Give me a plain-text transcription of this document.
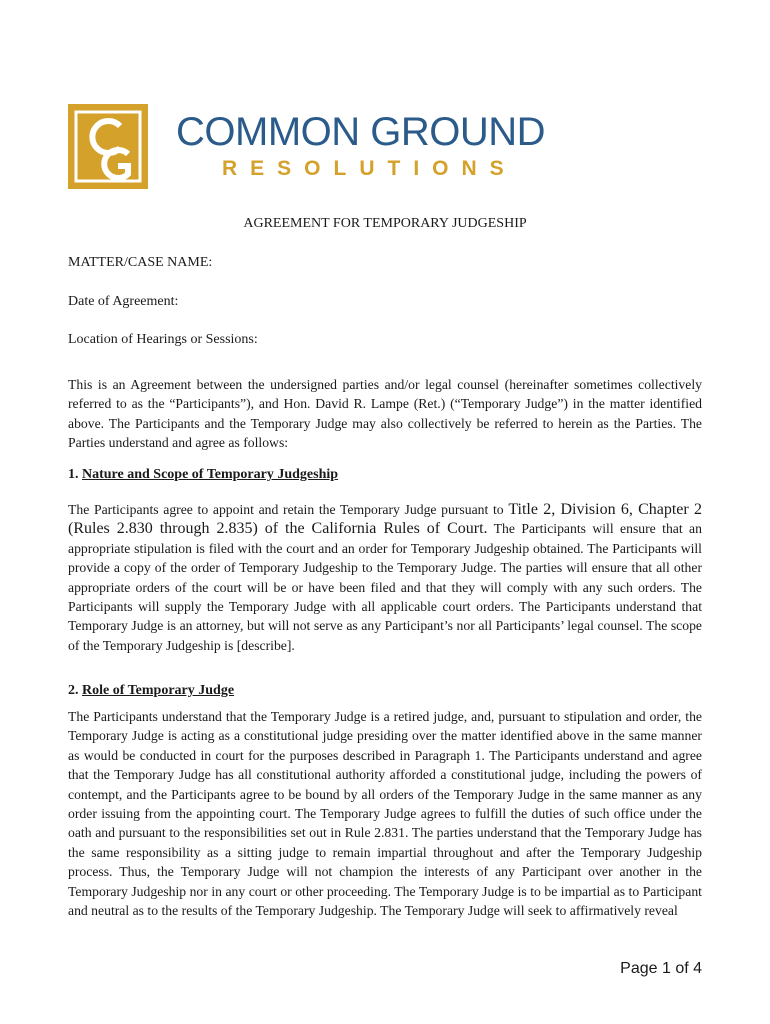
COMMON GROUND
RESOLUTIONS
AGREEMENT FOR TEMPORARY JUDGESHIP
MATTER/CASE NAME:
Date of Agreement:
Location of Hearings or Sessions:

This is an Agreement between the undersigned parties and/or legal counsel (hereinafter sometimes collectively referred to as the “Participants”), and Hon. David R. Lampe (Ret.) (“Temporary Judge”) in the matter identified above. The Participants and the Temporary Judge may also collectively be referred to herein as the Parties. The Parties understand and agree as follows:

1. Nature and Scope of Temporary Judgeship

The Participants agree to appoint and retain the Temporary Judge pursuant to Title 2, Division 6, Chapter 2 (Rules 2.830 through 2.835) of the California Rules of Court. The Participants will ensure that an appropriate stipulation is filed with the court and an order for Temporary Judgeship obtained. The Participants will provide a copy of the order of Temporary Judgeship to the Temporary Judge. The parties will ensure that all other appropriate orders of the court will be or have been filed and that they will comply with any such orders. The Participants will supply the Temporary Judge with all applicable court orders. The Participants understand that Temporary Judge is an attorney, but will not serve as any Participant’s nor all Participants’ legal counsel. The scope of the Temporary Judgeship is [describe].

2. Role of Temporary Judge

The Participants understand that the Temporary Judge is a retired judge, and, pursuant to stipulation and order, the Temporary Judge is acting as a constitutional judge presiding over the matter identified above in the same manner as would be conducted in court for the purposes described in Paragraph 1. The Participants understand and agree that the Temporary Judge has all constitutional authority afforded a constitutional judge, including the powers of contempt, and the Participants agree to be bound by all orders of the Temporary Judge in the same manner as any order issuing from the appointing court. The Temporary Judge agrees to fulfill the duties of such office under the oath and pursuant to the responsibilities set out in Rule 2.831. The parties understand that the Temporary Judge has the same responsibility as a sitting judge to remain impartial throughout and after the Temporary Judgeship process. Thus, the Temporary Judge will not champion the interests of any Participant over another in the Temporary Judgeship nor in any court or other proceeding. The Temporary Judge is to be impartial as to Participant and neutral as to the results of the Temporary Judgeship. The Temporary Judge will seek to affirmatively reveal

Page 1 of 4
